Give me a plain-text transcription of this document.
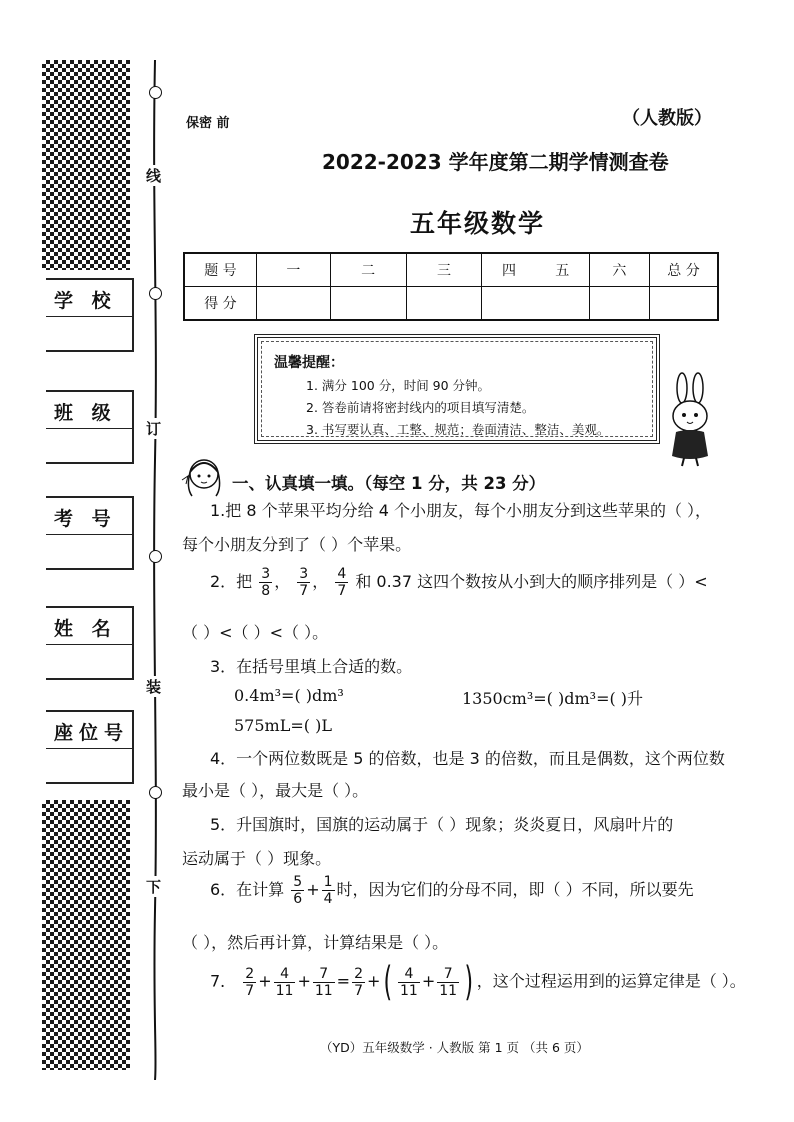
学 校
班 级
考 号
姓 名
座位号
线
订
装
下
保密 前	（人教版）
2022-2023 学年度第二期学情测查卷
五年级数学
题 号	一	二	三	四	五	六	总 分
得 分							
温馨提醒：
1. 满分 100 分，时间 90 分钟。
2. 答卷前请将密封线内的项目填写清楚。
3. 书写要认真、工整、规范；卷面清洁、整洁、美观。
一、认真填一填。（每空 1 分，共 23 分）
1.把 8 个苹果平均分给 4 个小朋友，每个小朋友分到这些苹果的（ ），
每个小朋友分到了（ ）个苹果。
2．把 $\frac{3}{8}$ ， $\frac{3}{7}$ ， $\frac{4}{7}$ 和 0.37 这四个数按从小到大的顺序排列是（ ）<
（ ）<（ ）<（ ）。
3．在括号里填上合适的数。
0.4m³=( )dm³	1350cm³=( )dm³=( )升
575mL=( )L
4．一个两位数既是 5 的倍数，也是 3 的倍数，而且是偶数，这个两位数
最小是（ ），最大是（ ）。
5．升国旗时，国旗的运动属于（ ）现象；炎炎夏日，风扇叶片的
运动属于（ ）现象。
6．在计算 $\frac{5}{6} + \frac{1}{4}$ 时，因为它们的分母不同，即（ ）不同，所以要先
（ ），然后再计算，计算结果是（ ）。
7． $\frac{2}{7} + \frac{4}{11} + \frac{7}{11} = \frac{2}{7}$ +( $\frac{4}{11} + \frac{7}{11}$ ) ，这个过程运用到的运算定律是（ ）。
（YD）五年级数学 · 人教版 第 1 页 （共 6 页）
